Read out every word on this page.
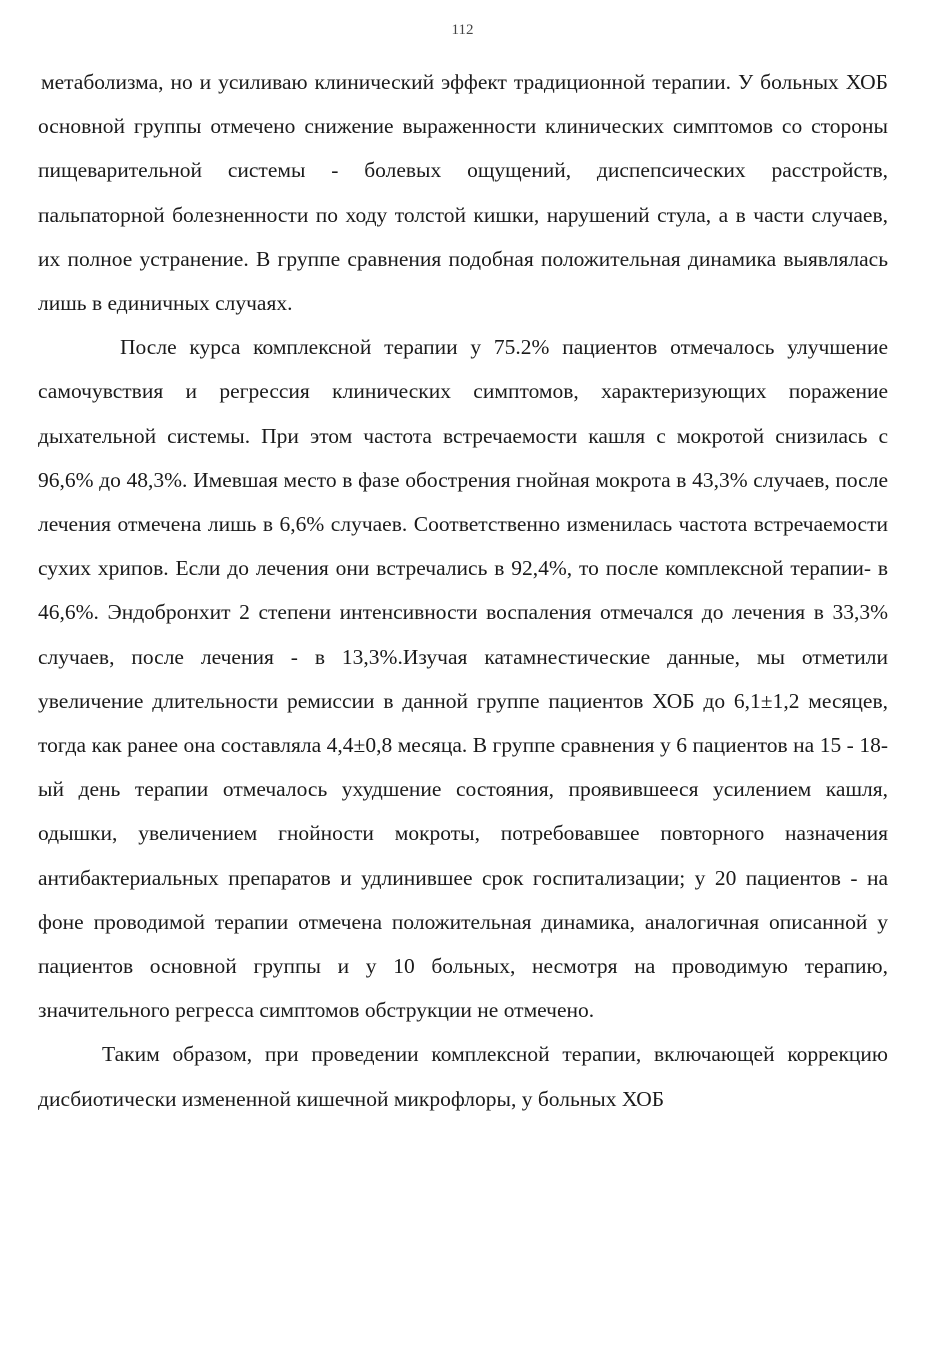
112

метаболизма, но и усиливаю клинический эффект традиционной терапии. У больных ХОБ основной группы отмечено снижение выраженности клинических симптомов со стороны пищеварительной системы - болевых ощущений, диспепсических расстройств, пальпаторной болезненности по ходу толстой кишки, нарушений стула, а в части случаев, их полное устранение. В группе сравнения подобная положительная динамика выявлялась лишь в единичных случаях.

После курса комплексной терапии у 75.2% пациентов отмечалось улучшение самочувствия и регрессия клинических симптомов, характеризующих поражение дыхательной системы. При этом частота встречаемости кашля с мокротой снизилась с 96,6% до 48,3%. Имевшая место в фазе обострения гнойная мокрота в 43,3% случаев, после лечения отмечена лишь в 6,6% случаев. Соответственно изменилась частота встречаемости сухих хрипов. Если до лечения они встречались в 92,4%, то после комплексной терапии- в 46,6%. Эндобронхит 2 степени интенсивности воспаления отмечался до лечения в 33,3% случаев, после лечения - в 13,3%.Изучая катамнестические данные, мы отметили увеличение длительности ремиссии в данной группе пациентов ХОБ до 6,1±1,2 месяцев, тогда как ранее она составляла 4,4±0,8 месяца. В группе сравнения у 6 пациентов на 15 - 18-ый день терапии отмечалось ухудшение состояния, проявившееся усилением кашля, одышки, увеличением гнойности мокроты, потребовавшее повторного назначения антибактериальных препаратов и удлинившее срок госпитализации; у 20 пациентов - на фоне проводимой терапии отмечена положительная динамика, аналогичная описанной у пациентов основной группы и у 10 больных, несмотря на проводимую терапию, значительного регресса симптомов обструкции не отмечено.

Таким образом, при проведении комплексной терапии, включающей коррекцию дисбиотически измененной кишечной микрофлоры, у больных ХОБ
